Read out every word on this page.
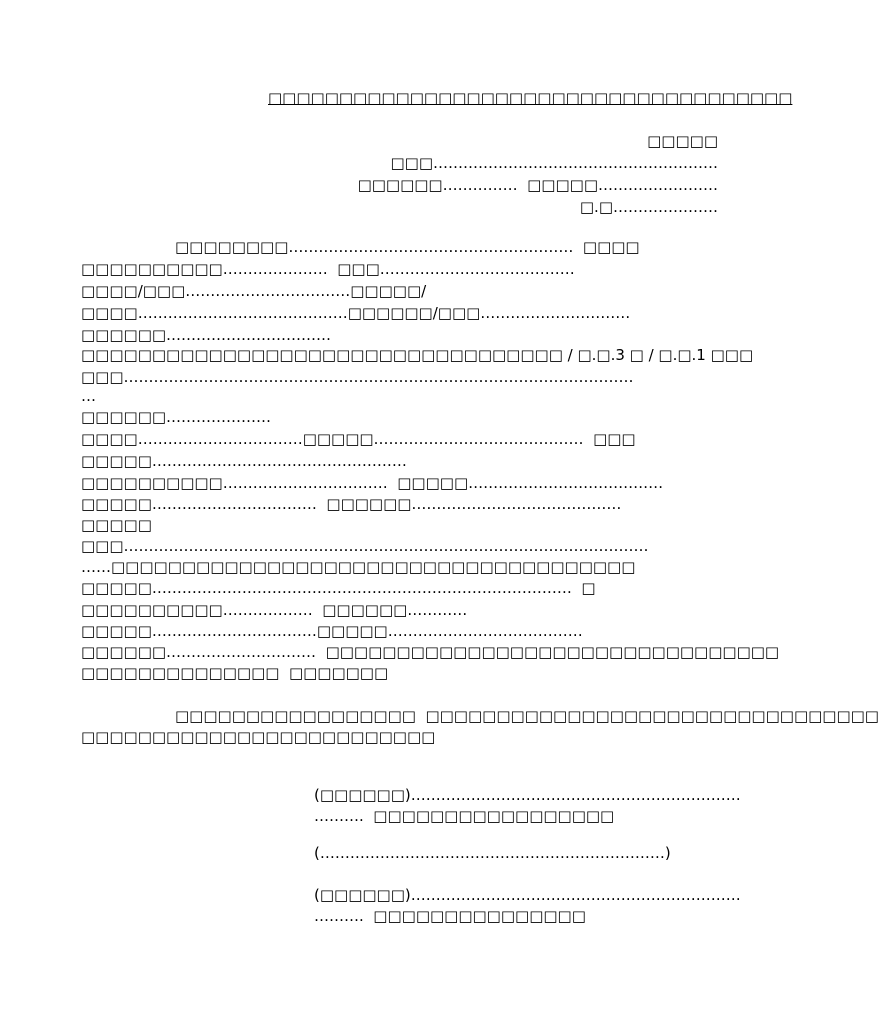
□□□□□□□□□□□□□□□□□□□□□□□□□□□□□□□□□□□□□
□□□□□
□□□…………………………………………………
□□□□□□……………  □□□□□……………………
□.□…………………
□□□□□□□□…………………………………………………  □□□□
□□□□□□□□□□…………………  □□□…………………………………
□□□□/□□□……………………………□□□□□/
□□□□……………………………………□□□□□□/□□□…………………………
□□□□□□……………………………
□□□□□□□□□□□□□□□□□□□□□□□□□□□□□□□□□□ / □.□.3 □ / □.□.1 □□□
□□□…………………………………………………………………………………………
…
□□□□□□…………………
□□□□……………………………□□□□□……………………………………  □□□
□□□□□……………………………………………
□□□□□□□□□□……………………………  □□□□□…………………………………
□□□□□……………………………  □□□□□□……………………………………
□□□□□
□□□……………………………………………………………………………………………
……□□□□□□□□□□□□□□□□□□□□□□□□□□□□□□□□□□□□□
□□□□□…………………………………………………………………………  □
□□□□□□□□□□………………  □□□□□□…………
□□□□□……………………………□□□□□…………………………………
□□□□□□…………………………  □□□□□□□□□□□□□□□□□□□□□□□□□□□□□□□□
□□□□□□□□□□□□□□  □□□□□□□
□□□□□□□□□□□□□□□□□  □□□□□□□□□□□□□□□□□□□□□□□□□□□□□□□□
□□□□□□□□□□□□□□□□□□□□□□□□□
(□□□□□□)…………………………………………………………
……….  □□□□□□□□□□□□□□□□□
(……………………………………………………………)
(□□□□□□)…………………………………………………………
……….  □□□□□□□□□□□□□□□
